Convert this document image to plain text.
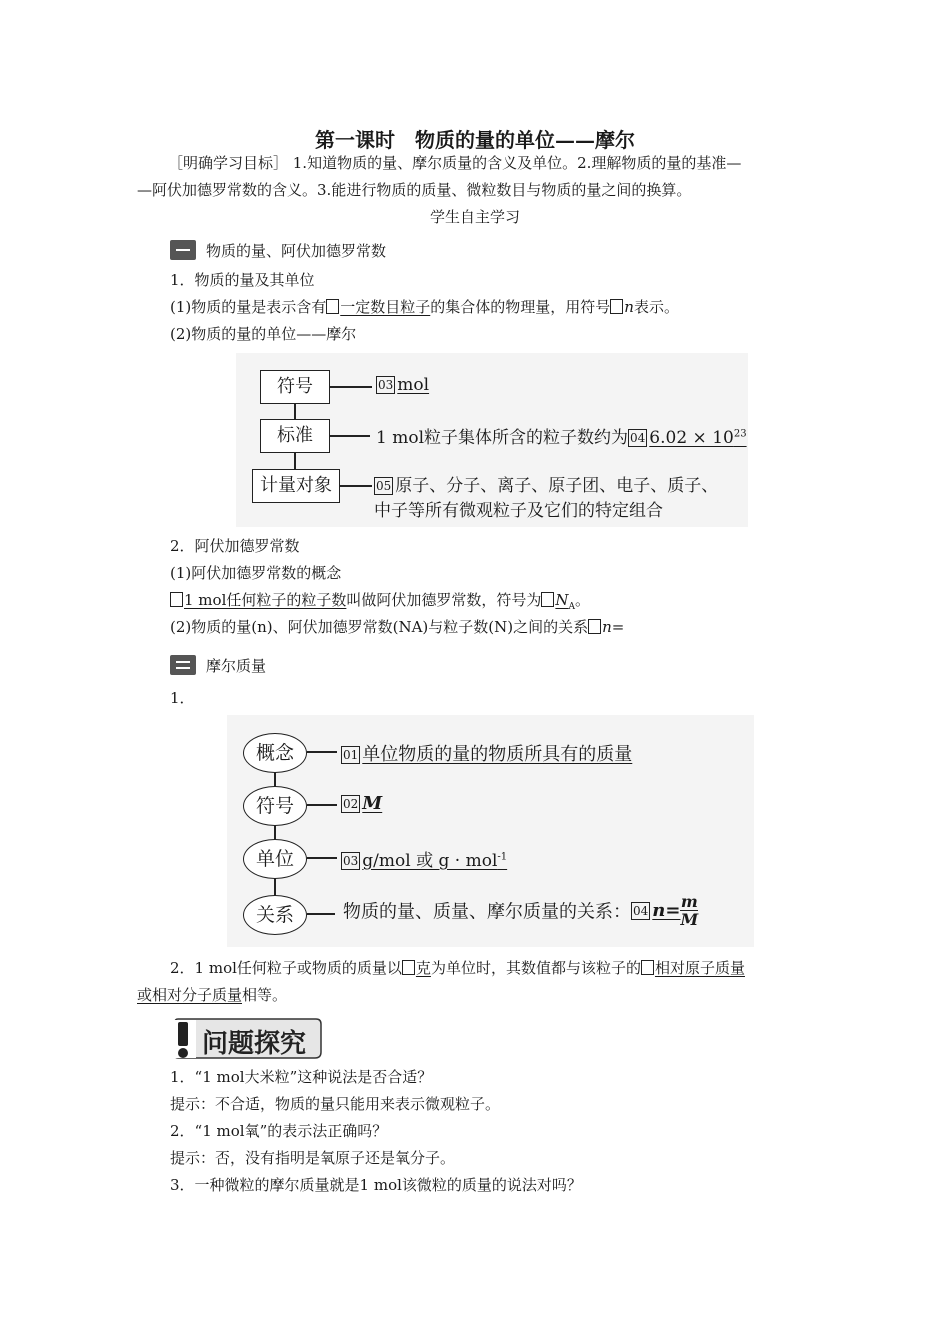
第一课时　物质的量的单位——摩尔
［明确学习目标］ 1.知道物质的量、摩尔质量的含义及单位。2.理解物质的量的基准—
—阿伏加德罗常数的含义。3.能进行物质的质量、微粒数目与物质的量之间的换算。
学生自主学习
物质的量、阿伏加德罗常数
1．物质的量及其单位
(1)物质的量是表示含有 一定数目粒子的集合体的物理量，用符号 n表示。
(2)物质的量的单位——摩尔
符号
标准
计量对象
03 mol
1 mol粒子集体所含的粒子数约为 04 $6.02 \times 10^{23}$
05 原子、分子、离子、原子团、电子、质子、
中子等所有微观粒子及它们的特定组合
2．阿伏加德罗常数
(1)阿伏加德罗常数的概念
1 mol任何粒子的粒子数叫做阿伏加德罗常数，符号为 $N_A$。
(2)物质的量(n)、阿伏加德罗常数(NA)与粒子数(N)之间的关系 n=
摩尔质量
1．
概念
符号
单位
关系
01 单位物质的量的物质所具有的质量
02 M
03 g/mol 或 g · mol$^{-1}$
物质的量、质量、摩尔质量的关系： 04 $n= \frac{m}{M}$
2．1 mol任何粒子或物质的质量以 克为单位时，其数值都与该粒子的 相对原子质量
或相对分子质量相等。
问题探究
1．“1 mol大米粒”这种说法是否合适？
提示：不合适，物质的量只能用来表示微观粒子。
2．“1 mol氧”的表示法正确吗？
提示：否，没有指明是氧原子还是氧分子。
3．一种微粒的摩尔质量就是1 mol该微粒的质量的说法对吗？
